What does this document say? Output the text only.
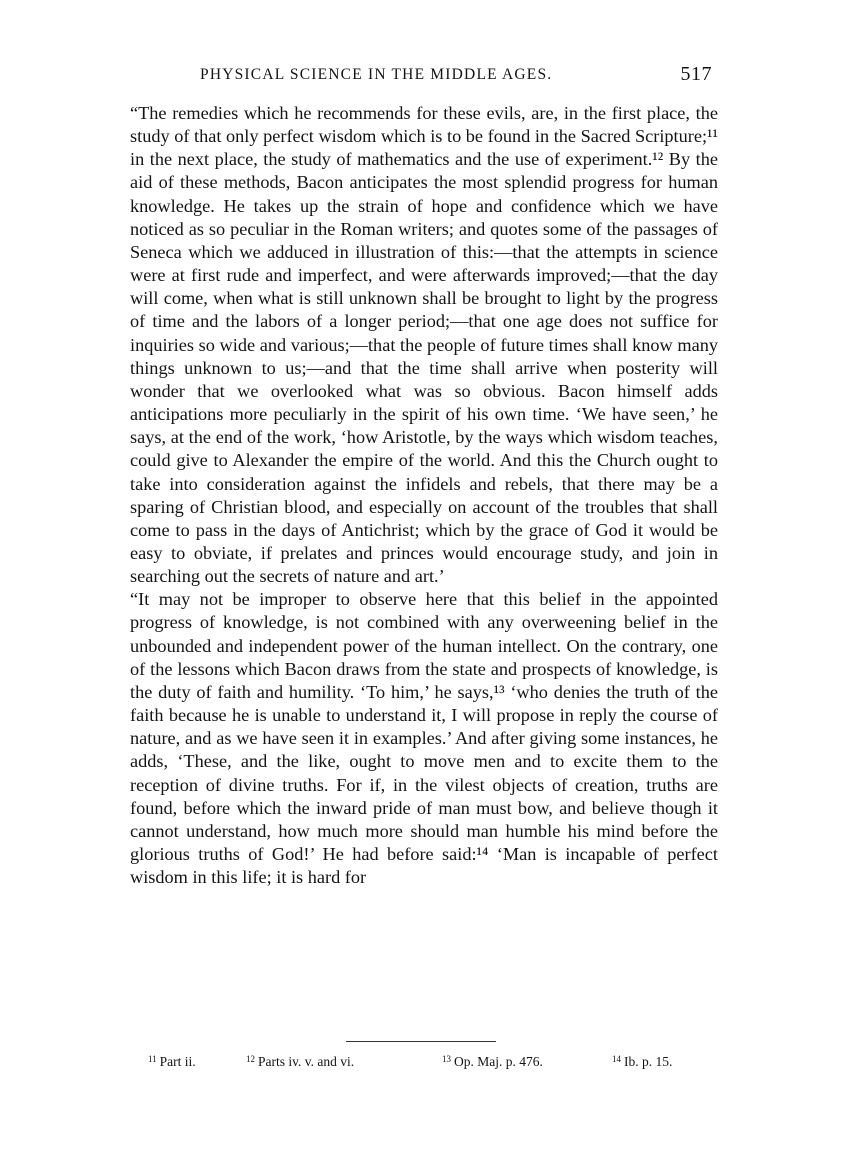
PHYSICAL SCIENCE IN THE MIDDLE AGES.	517

“The remedies which he recommends for these evils, are, in the first place, the study of that only perfect wisdom which is to be found in the Sacred Scripture;¹¹ in the next place, the study of mathematics and the use of experiment.¹² By the aid of these methods, Bacon anticipates the most splendid progress for human knowledge. He takes up the strain of hope and confidence which we have noticed as so peculiar in the Roman writers; and quotes some of the passages of Seneca which we adduced in illustration of this:—that the attempts in science were at first rude and imperfect, and were afterwards improved;—that the day will come, when what is still unknown shall be brought to light by the progress of time and the labors of a longer period;—that one age does not suffice for inquiries so wide and various;—that the people of future times shall know many things unknown to us;—and that the time shall arrive when posterity will wonder that we overlooked what was so obvious. Bacon himself adds anticipations more peculiarly in the spirit of his own time. ‘We have seen,’ he says, at the end of the work, ‘how Aristotle, by the ways which wisdom teaches, could give to Alexander the empire of the world. And this the Church ought to take into consideration against the infidels and rebels, that there may be a sparing of Christian blood, and especially on account of the troubles that shall come to pass in the days of Antichrist; which by the grace of God it would be easy to obviate, if prelates and princes would encourage study, and join in searching out the secrets of nature and art.’

“It may not be improper to observe here that this belief in the appointed progress of knowledge, is not combined with any overweening belief in the unbounded and independent power of the human intellect. On the contrary, one of the lessons which Bacon draws from the state and prospects of knowledge, is the duty of faith and humility. ‘To him,’ he says,¹³ ‘who denies the truth of the faith because he is unable to understand it, I will propose in reply the course of nature, and as we have seen it in examples.’ And after giving some instances, he adds, ‘These, and the like, ought to move men and to excite them to the reception of divine truths. For if, in the vilest objects of creation, truths are found, before which the inward pride of man must bow, and believe though it cannot understand, how much more should man humble his mind before the glorious truths of God!’ He had before said:¹⁴ ‘Man is incapable of perfect wisdom in this life; it is hard for

$^{11}$ Part ii.	$^{12}$ Parts iv. v. and vi.	$^{13}$ Op. Maj. p. 476.	$^{14}$ Ib. p. 15.
